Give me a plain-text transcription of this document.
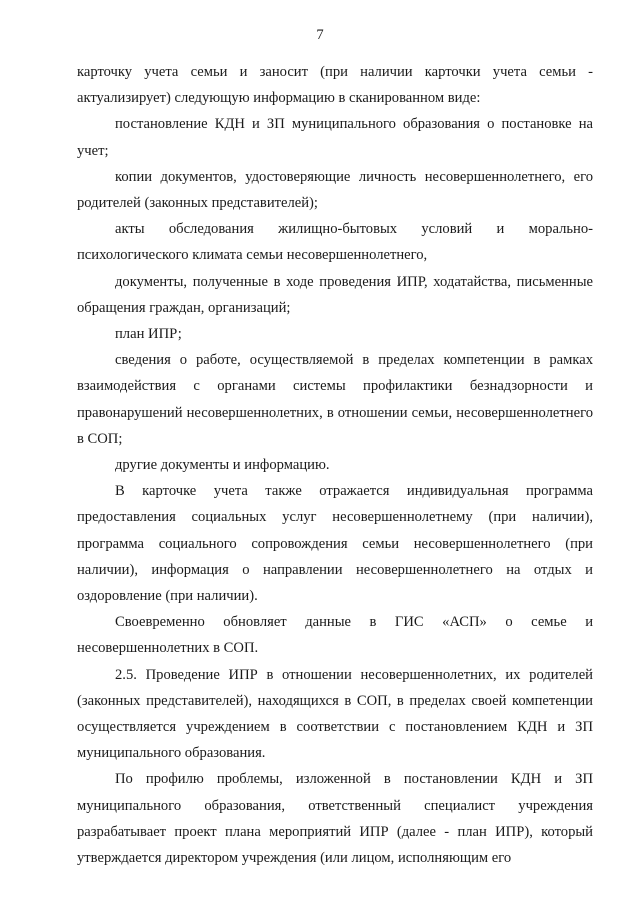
7

карточку учета семьи и заносит (при наличии карточки учета семьи - актуализирует) следующую информацию в сканированном виде:

постановление КДН и ЗП муниципального образования о постановке на учет;

копии документов, удостоверяющие личность несовершеннолетнего, его родителей (законных представителей);

акты обследования жилищно-бытовых условий и морально-психологического климата семьи несовершеннолетнего,

документы, полученные в ходе проведения ИПР, ходатайства, письменные обращения граждан, организаций;

план ИПР;

сведения о работе, осуществляемой в пределах компетенции в рамках взаимодействия с органами системы профилактики безнадзорности и правонарушений несовершеннолетних, в отношении семьи, несовершеннолетнего в СОП;

другие документы и информацию.

В карточке учета также отражается индивидуальная программа предоставления социальных услуг несовершеннолетнему (при наличии), программа социального сопровождения семьи несовершеннолетнего (при наличии), информация о направлении несовершеннолетнего на отдых и оздоровление (при наличии).

Своевременно обновляет данные в ГИС «АСП» о семье и несовершеннолетних в СОП.

2.5. Проведение ИПР в отношении несовершеннолетних, их родителей (законных представителей), находящихся в СОП, в пределах своей компетенции осуществляется учреждением в соответствии с постановлением КДН и ЗП муниципального образования.

По профилю проблемы, изложенной в постановлении КДН и ЗП муниципального образования, ответственный специалист учреждения разрабатывает проект плана мероприятий ИПР (далее - план ИПР), который утверждается директором учреждения (или лицом, исполняющим его
